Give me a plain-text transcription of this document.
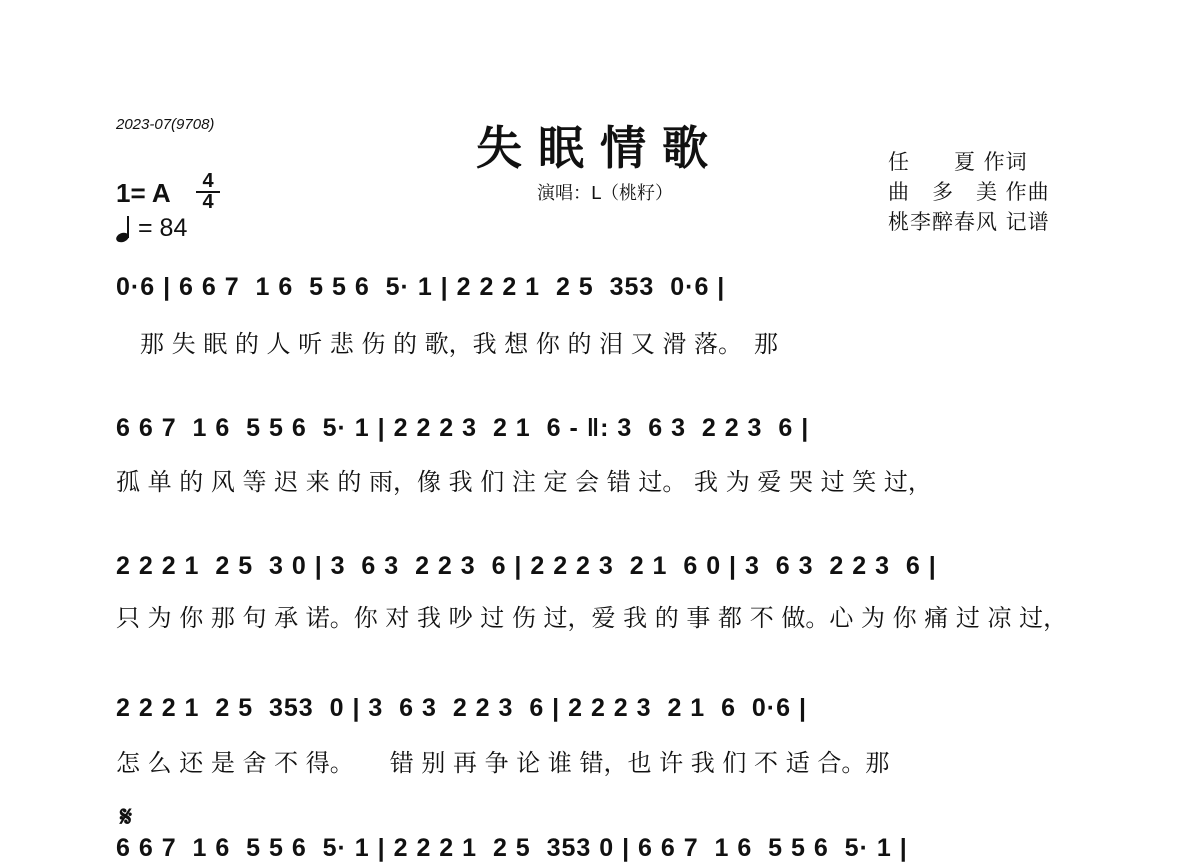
2023-07(9708)	失眠情歌
演唱：L（桃籽）
任　　夏 作词
曲　多　美 作曲
桃李醉春风 记谱
1= A $\frac{4}{4}$
= 84
0·6 | 6 6 7  1 6  5 5 6  5· 1 | 2 2 2 1  2 5  353  0·6 |
　那 失 眠 的 人 听 悲 伤 的 歌，我 想 你 的 泪 又 滑 落。　那
6 6 7  1 6  5 5 6  5· 1 | 2 2 2 3  2 1  6 - ‖: 3  6 3  2 2 3  6 |
孤 单 的 风 等 迟 来 的 雨，像 我 们 注 定 会 错 过。 我 为 爱 哭 过 笑 过，
2 2 2 1  2 5  3 0 | 3  6 3  2 2 3  6 | 2 2 2 3  2 1  6 0 | 3  6 3  2 2 3  6 |
只 为 你 那 句 承 诺。你 对 我 吵 过 伤 过，爱 我 的 事 都 不 做。心 为 你 痛 过 凉 过，
2 2 2 1  2 5  353  0 | 3  6 3  2 2 3  6 | 2 2 2 3  2 1  6  0·6 |
怎 么 还 是 舍 不 得。　　错 别 再 争 论 谁 错，也 许 我 们 不 适 合。那
𝄋
6 6 7  1 6  5 5 6  5· 1 | 2 2 2 1  2 5  353 0 | 6 6 7  1 6  5 5 6  5· 1 |
